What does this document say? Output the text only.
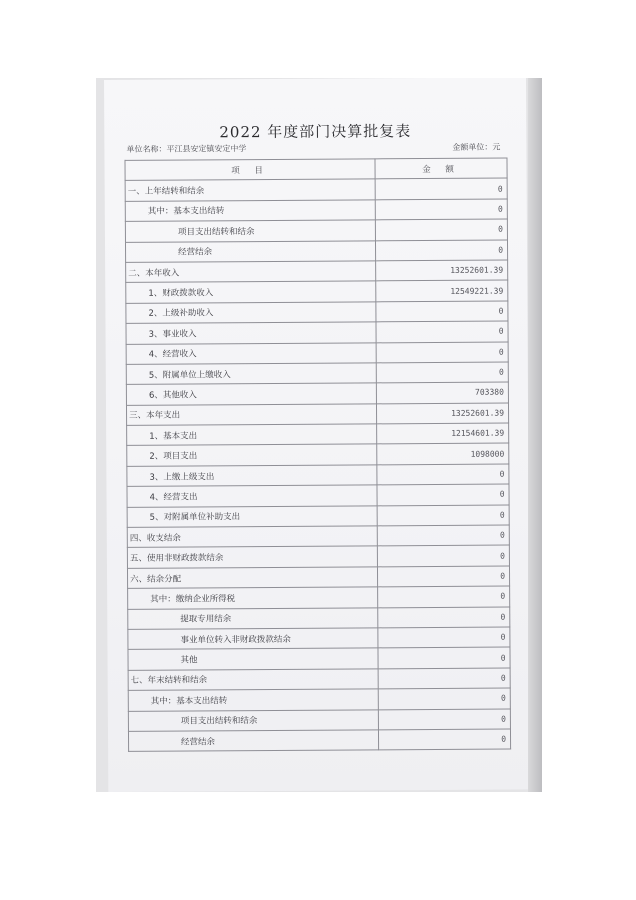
2022 年度部门决算批复表
单位名称：平江县安定镇安定中学	金额单位：元
项 目	金 额
一、上年结转和结余	0
其中：基本支出结转	0
项目支出结转和结余	0
经营结余	0
二、本年收入	13252601.39
1、财政拨款收入	12549221.39
2、上级补助收入	0
3、事业收入	0
4、经营收入	0
5、附属单位上缴收入	0
6、其他收入	703380
三、本年支出	13252601.39
1、基本支出	12154601.39
2、项目支出	1098000
3、上缴上级支出	0
4、经营支出	0
5、对附属单位补助支出	0
四、收支结余	0
五、使用非财政拨款结余	0
六、结余分配	0
其中：缴纳企业所得税	0
提取专用结余	0
事业单位转入非财政拨款结余	0
其他	0
七、年末结转和结余	0
其中：基本支出结转	0
项目支出结转和结余	0
经营结余	0
